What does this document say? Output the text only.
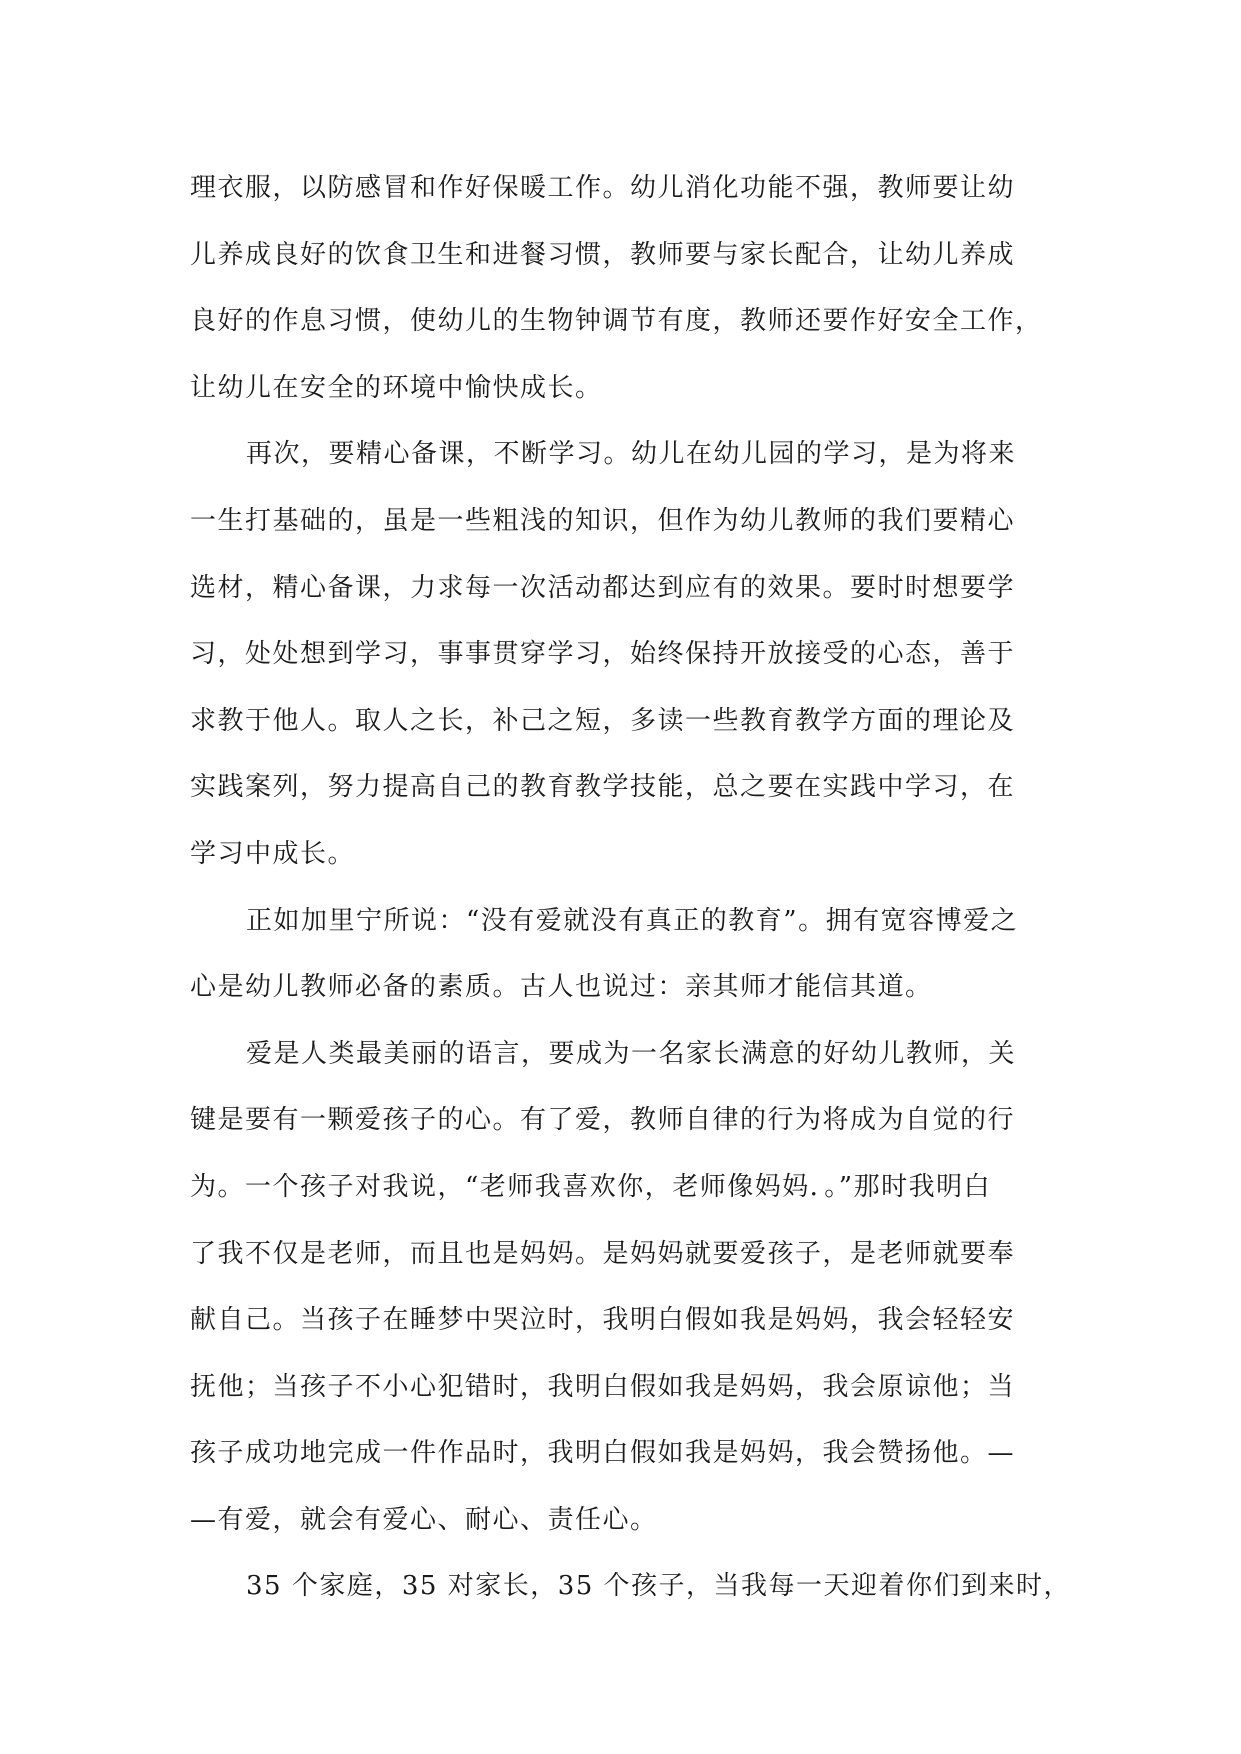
理衣服，以防感冒和作好保暖工作。幼儿消化功能不强，教师要让幼
儿养成良好的饮食卫生和进餐习惯，教师要与家长配合，让幼儿养成
良好的作息习惯，使幼儿的生物钟调节有度，教师还要作好安全工作，
让幼儿在安全的环境中愉快成长。
再次，要精心备课，不断学习。幼儿在幼儿园的学习，是为将来
一生打基础的，虽是一些粗浅的知识，但作为幼儿教师的我们要精心
选材，精心备课，力求每一次活动都达到应有的效果。要时时想要学
习，处处想到学习，事事贯穿学习，始终保持开放接受的心态，善于
求教于他人。取人之长，补己之短，多读一些教育教学方面的理论及
实践案列，努力提高自己的教育教学技能，总之要在实践中学习，在
学习中成长。
正如加里宁所说：“没有爱就没有真正的教育”。拥有宽容博爱之
心是幼儿教师必备的素质。古人也说过：亲其师才能信其道。
爱是人类最美丽的语言，要成为一名家长满意的好幼儿教师，关
键是要有一颗爱孩子的心。有了爱，教师自律的行为将成为自觉的行
为。一个孩子对我说，“老师我喜欢你，老师像妈妈．。”那时我明白
了我不仅是老师，而且也是妈妈。是妈妈就要爱孩子，是老师就要奉
献自己。当孩子在睡梦中哭泣时，我明白假如我是妈妈，我会轻轻安
抚他；当孩子不小心犯错时，我明白假如我是妈妈，我会原谅他；当
孩子成功地完成一件作品时，我明白假如我是妈妈，我会赞扬他。—
—有爱，就会有爱心、耐心、责任心。
35 个家庭，35 对家长，35 个孩子，当我每一天迎着你们到来时，
